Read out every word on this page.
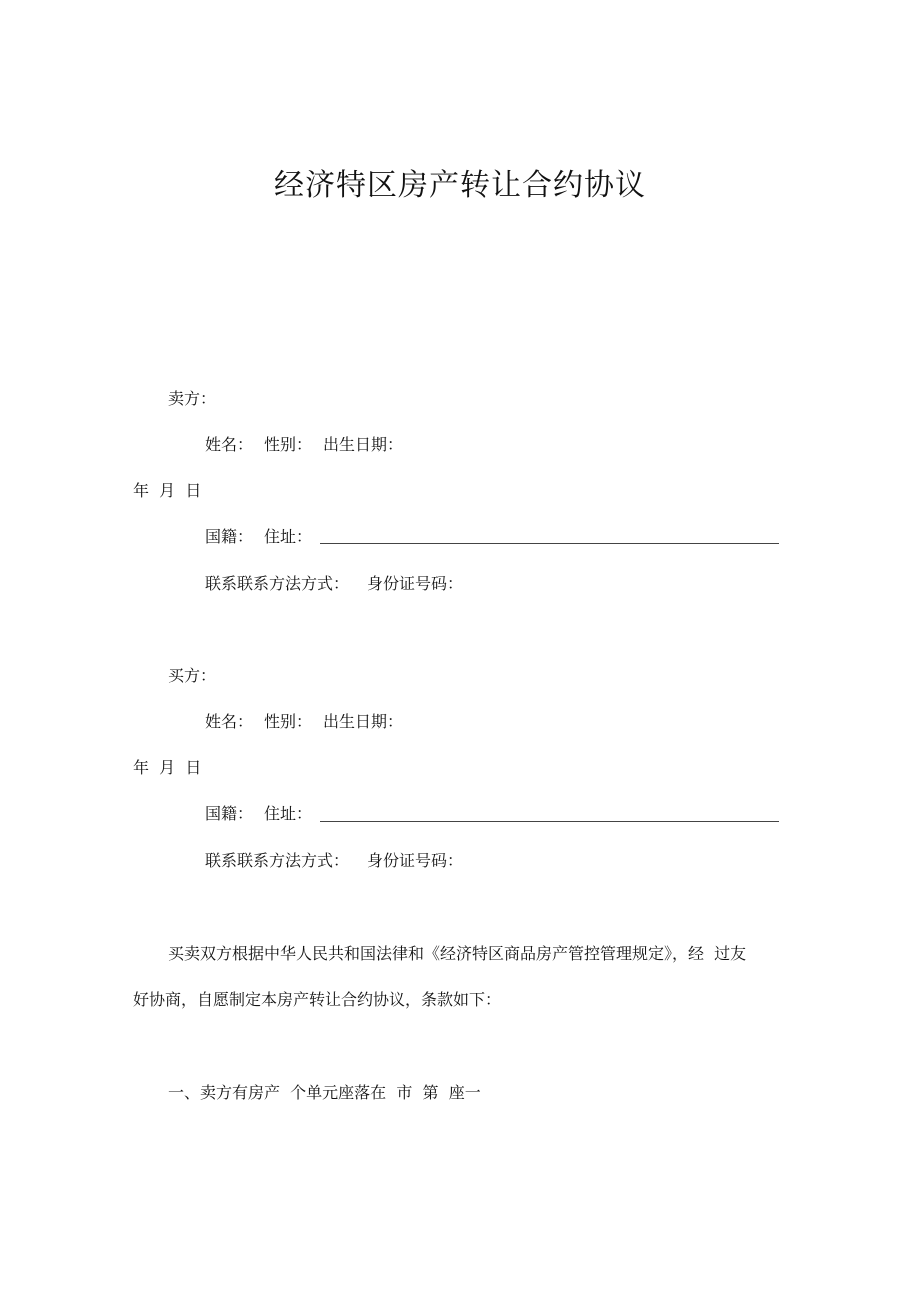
经济特区房产转让合约协议
卖方：
姓名： 性别： 出生日期：
年  月  日
国籍： 住址：
联系联系方法方式： 身份证号码：
买方：
姓名： 性别： 出生日期：
年  月  日
国籍： 住址：
联系联系方法方式： 身份证号码：
买卖双方根据中华人民共和国法律和《经济特区商品房产管控管理规定》，经  过友
好协商，自愿制定本房产转让合约协议，条款如下：
一、卖方有房产  个单元座落在  市  第  座一
